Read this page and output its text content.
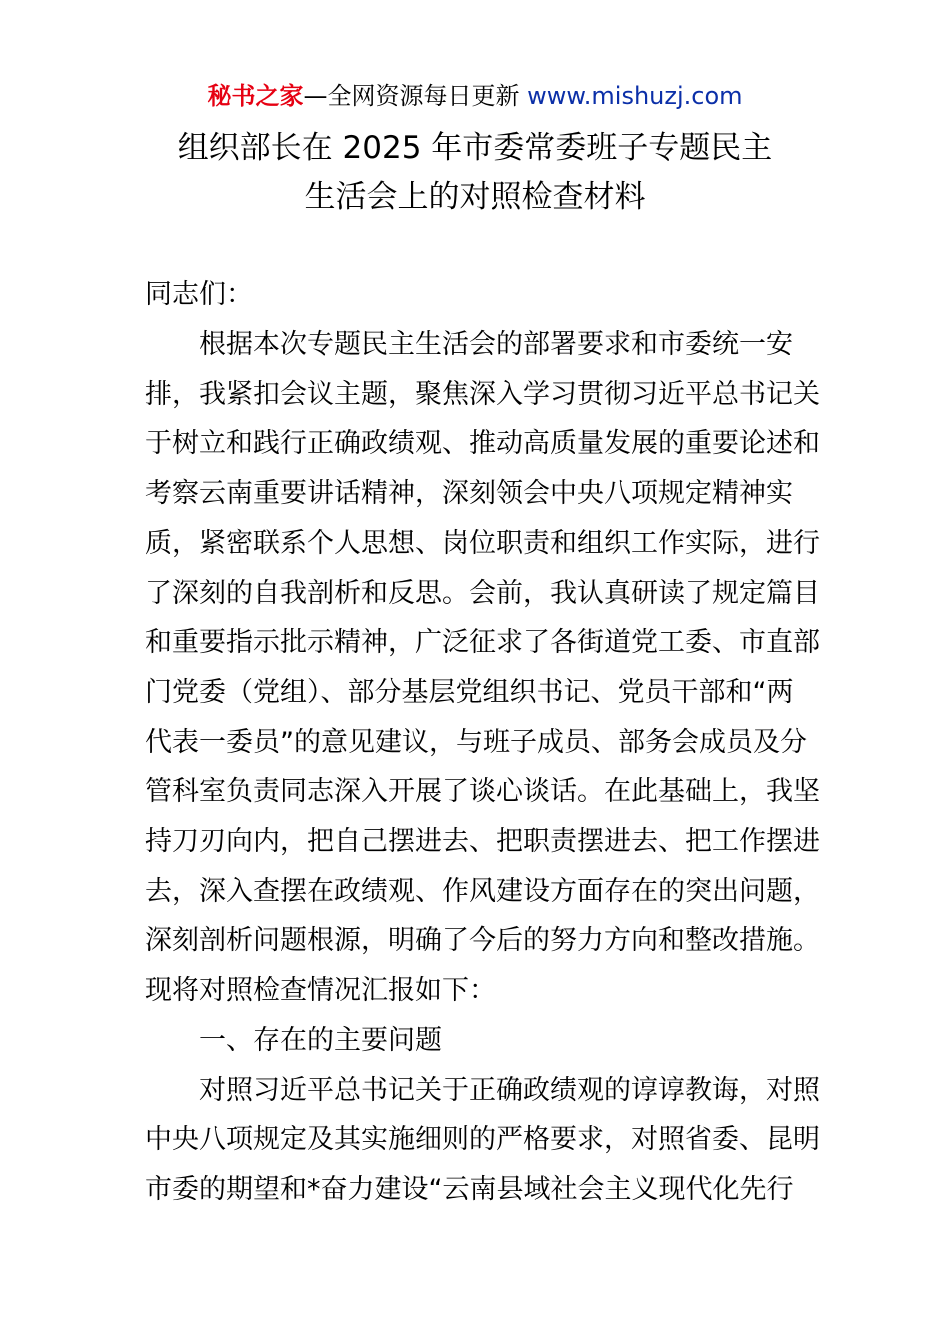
秘书之家—全网资源每日更新 www.mishuzj.com
组织部长在 2025 年市委常委班子专题民主
生活会上的对照检查材料
同志们：
　　根据本次专题民主生活会的部署要求和市委统一安
排，我紧扣会议主题，聚焦深入学习贯彻习近平总书记关
于树立和践行正确政绩观、推动高质量发展的重要论述和
考察云南重要讲话精神，深刻领会中央八项规定精神实
质，紧密联系个人思想、岗位职责和组织工作实际，进行
了深刻的自我剖析和反思。会前，我认真研读了规定篇目
和重要指示批示精神，广泛征求了各街道党工委、市直部
门党委（党组）、部分基层党组织书记、党员干部和“两
代表一委员”的意见建议，与班子成员、部务会成员及分
管科室负责同志深入开展了谈心谈话。在此基础上，我坚
持刀刃向内，把自己摆进去、把职责摆进去、把工作摆进
去，深入查摆在政绩观、作风建设方面存在的突出问题，
深刻剖析问题根源，明确了今后的努力方向和整改措施。
现将对照检查情况汇报如下：
　　一、存在的主要问题
　　对照习近平总书记关于正确政绩观的谆谆教诲，对照
中央八项规定及其实施细则的严格要求，对照省委、昆明
市委的期望和*奋力建设“云南县域社会主义现代化先行
